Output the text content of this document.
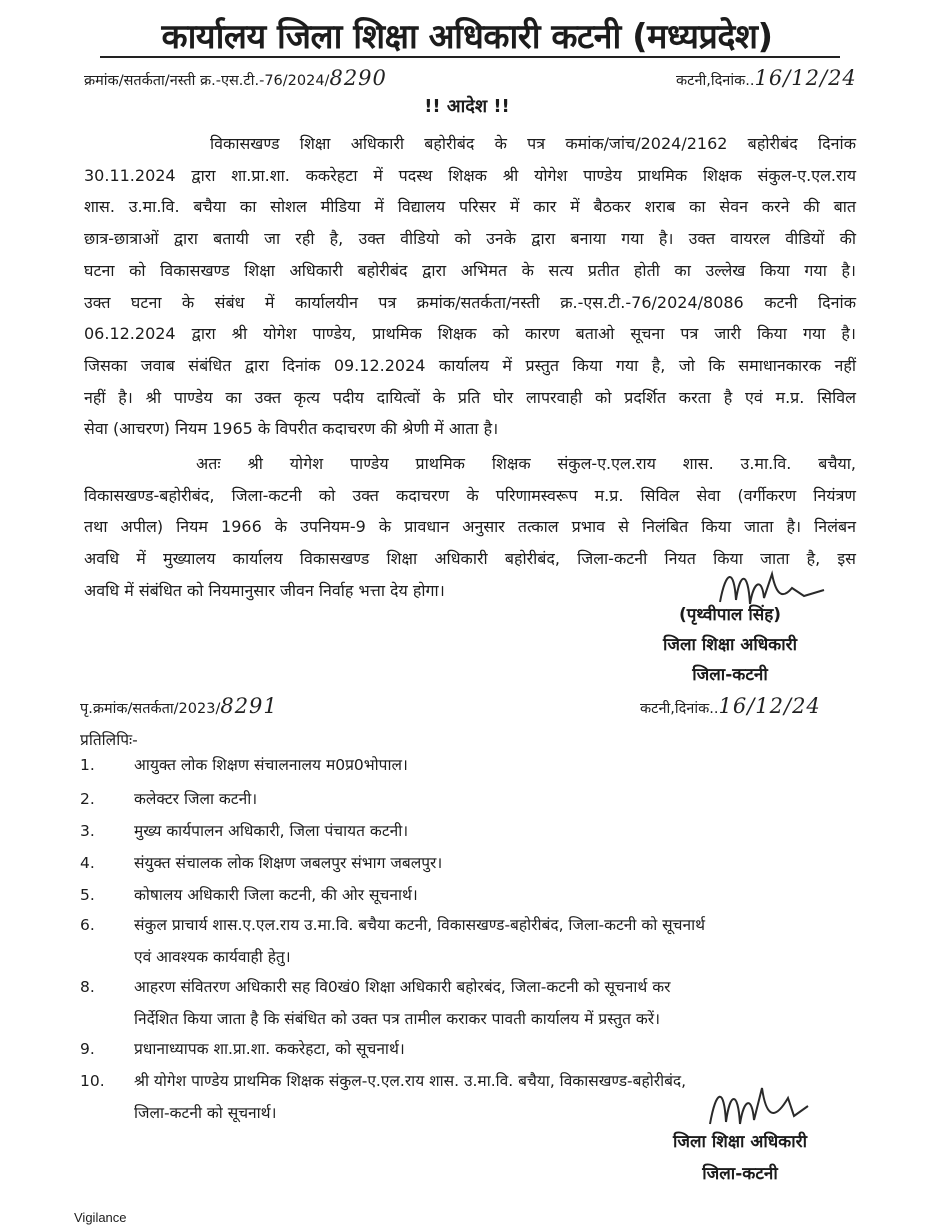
कार्यालय जिला शिक्षा अधिकारी कटनी (मध्यप्रदेश)
क्रमांक/सतर्कता/नस्ती क्र.-एस.टी.-76/2024/8290	कटनी,दिनांक..16/12/24
!! आदेश !!
विकासखण्ड शिक्षा अधिकारी बहोरीबंद के पत्र कमांक/जांच/2024/2162 बहोरीबंद दिनांक
30.11.2024 द्वारा शा.प्रा.शा. ककरेहटा में पदस्थ शिक्षक श्री योगेश पाण्डेय प्राथमिक शिक्षक संकुल-ए.एल.राय
शास. उ.मा.वि. बचैया का सोशल मीडिया में विद्यालय परिसर में कार में बैठकर शराब का सेवन करने की बात
छात्र-छात्राओं द्वारा बतायी जा रही है, उक्त वीडियो को उनके द्वारा बनाया गया है। उक्त वायरल वीडियों की
घटना को विकासखण्ड शिक्षा अधिकारी बहोरीबंद द्वारा अभिमत के सत्य प्रतीत होती का उल्लेख किया गया है।
उक्त घटना के संबंध में कार्यालयीन पत्र क्रमांक/सतर्कता/नस्ती क्र.-एस.टी.-76/2024/8086 कटनी दिनांक
06.12.2024 द्वारा श्री योगेश पाण्डेय, प्राथमिक शिक्षक को कारण बताओ सूचना पत्र जारी किया गया है।
जिसका जवाब संबंधित द्वारा दिनांक 09.12.2024 कार्यालय में प्रस्तुत किया गया है, जो कि समाधानकारक नहीं
नहीं है। श्री पाण्डेय का उक्त कृत्य पदीय दायित्वों के प्रति घोर लापरवाही को प्रदर्शित करता है एवं म.प्र. सिविल
सेवा (आचरण) नियम 1965 के विपरीत कदाचरण की श्रेणी में आता है।
अतः श्री योगेश पाण्डेय प्राथमिक शिक्षक संकुल-ए.एल.राय शास. उ.मा.वि. बचैया,
विकासखण्ड-बहोरीबंद, जिला-कटनी को उक्त कदाचरण के परिणामस्वरूप म.प्र. सिविल सेवा (वर्गीकरण नियंत्रण
तथा अपील) नियम 1966 के उपनियम-9 के प्रावधान अनुसार तत्काल प्रभाव से निलंबित किया जाता है। निलंबन
अवधि में मुख्यालय कार्यालय विकासखण्ड शिक्षा अधिकारी बहोरीबंद, जिला-कटनी नियत किया जाता है, इस
अवधि में संबंधित को नियमानुसार जीवन निर्वाह भत्ता देय होगा।
(पृथ्वीपाल सिंह)
जिला शिक्षा अधिकारी
जिला-कटनी
पृ.क्रमांक/सतर्कता/2023/8291	कटनी,दिनांक..16/12/24
प्रतिलिपिः-
1.	आयुक्त लोक शिक्षण संचालनालय म0प्र0भोपाल।
2.	कलेक्टर जिला कटनी।
3.	मुख्य कार्यपालन अधिकारी, जिला पंचायत कटनी।
4.	संयुक्त संचालक लोक शिक्षण जबलपुर संभाग जबलपुर।
5.	कोषालय अधिकारी जिला कटनी, की ओर सूचनार्थ।
6.	संकुल प्राचार्य शास.ए.एल.राय उ.मा.वि. बचैया कटनी, विकासखण्ड-बहोरीबंद, जिला-कटनी को सूचनार्थ
एवं आवश्यक कार्यवाही हेतु।
8.	आहरण संवितरण अधिकारी सह वि0खं0 शिक्षा अधिकारी बहोरबंद, जिला-कटनी को सूचनार्थ कर
निर्देशित किया जाता है कि संबंधित को उक्त पत्र तामील कराकर पावती कार्यालय में प्रस्तुत करें।
9.	प्रधानाध्यापक शा.प्रा.शा. ककरेहटा, को सूचनार्थ।
10. श्री योगेश पाण्डेय प्राथमिक शिक्षक संकुल-ए.एल.राय शास. उ.मा.वि. बचैया, विकासखण्ड-बहोरीबंद,
जिला-कटनी को सूचनार्थ।
जिला शिक्षा अधिकारी
जिला-कटनी
Vigilance
